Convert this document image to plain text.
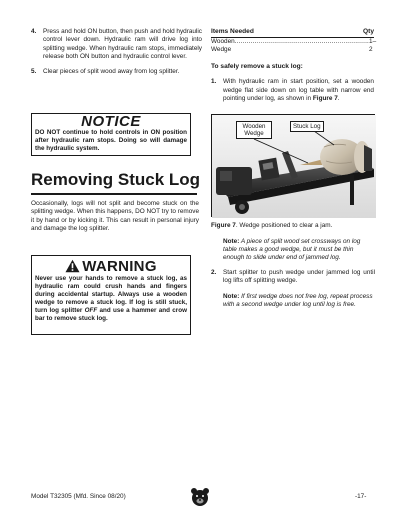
4.	Press and hold ON button, then push and hold hydraulic control lever down. Hydraulic ram will drive log into splitting wedge. When hydraulic ram stops, immediately release both ON button and hydraulic control lever.
5.	Clear pieces of split wood away from log splitter.
NOTICE
DO NOT continue to hold controls in ON position after hydraulic ram stops. Doing so will damage the hydraulic system.
Removing Stuck Log
Occasionally, logs will not split and become stuck on the splitting wedge. When this happens, DO NOT try to remove it by hand or by kicking it. This can result in personal injury and damage the log splitter.
WARNING
Never use your hands to remove a stuck log, as hydraulic ram could crush hands and fingers during accidental startup. Always use a wooden wedge to remove a stuck log. If log is still stuck, turn log splitter OFF and use a hammer and crow bar to remove stuck log.
Items Needed	Qty
Wooden Wedge
.................................................................... 1–2
To safely remove a stuck log:
1.	With hydraulic ram in start position, set a wooden wedge flat side down on log table with narrow end pointing under log, as shown in Figure 7.
Wooden
Wedge
Stuck Log
Figure 7. Wedge positioned to clear a jam.
Note: A piece of split wood set crossways on log table makes a good wedge, but it must be thin enough to slide under end of jammed log.
2.	Start splitter to push wedge under jammed log until log lifts off splitting wedge.
Note: If first wedge does not free log, repeat process with a second wedge under log until log is free.
Model T32305 (Mfd. Since 08/20)	-17-
